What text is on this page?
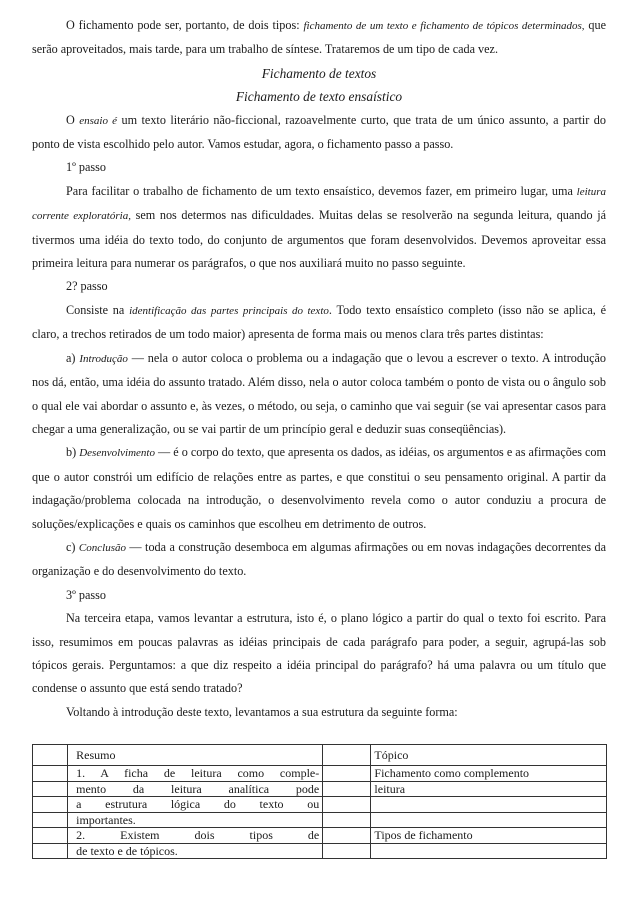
O fichamento pode ser, portanto, de dois tipos: fichamento de um texto e fichamento de tópicos determinados, que serão aproveitados, mais tarde, para um trabalho de síntese. Trataremos de um tipo de cada vez.

Fichamento de textos

Fichamento de texto ensaístico

O ensaio é um texto literário não-ficcional, razoavelmente curto, que trata de um único assunto, a partir do ponto de vista escolhido pelo autor. Vamos estudar, agora, o fichamento passo a passo.

1º passo

Para facilitar o trabalho de fichamento de um texto ensaístico, devemos fazer, em primeiro lugar, uma leitura corrente exploratória, sem nos determos nas dificuldades. Muitas delas se resolverão na segunda leitura, quando já tivermos uma idéia do texto todo, do conjunto de argumentos que foram desenvolvidos. Devemos aproveitar essa primeira leitura para numerar os parágrafos, o que nos auxiliará muito no passo seguinte.

2? passo

Consiste na identificação das partes principais do texto. Todo texto ensaístico completo (isso não se aplica, é claro, a trechos retirados de um todo maior) apresenta de forma mais ou menos clara três partes distintas:

a) Introdução — nela o autor coloca o problema ou a indagação que o levou a escrever o texto. A introdução nos dá, então, uma idéia do assunto tratado. Além disso, nela o autor coloca também o ponto de vista ou o ângulo sob o qual ele vai abordar o assunto e, às vezes, o método, ou seja, o caminho que vai seguir (se vai apresentar casos para chegar a uma generalização, ou se vai partir de um princípio geral e deduzir suas conseqüências).

b) Desenvolvimento — é o corpo do texto, que apresenta os dados, as idéias, os argumentos e as afirmações com que o autor constrói um edifício de relações entre as partes, e que constitui o seu pensamento original. A partir da indagação/problema colocada na introdução, o desenvolvimento revela como o autor conduziu a procura de soluções/explicações e quais os caminhos que escolheu em detrimento de outros.

c) Conclusão — toda a construção desemboca em algumas afirmações ou em novas indagações decorrentes da organização e do desenvolvimento do texto.

3º passo

Na terceira etapa, vamos levantar a estrutura, isto é, o plano lógico a partir do qual o texto foi escrito. Para isso, resumimos em poucas palavras as idéias principais de cada parágrafo para poder, a seguir, agrupá-las sob tópicos gerais. Perguntamos: a que diz respeito a idéia principal do parágrafo? há uma palavra ou um título que condense o assunto que está sendo tratado?

Voltando à introdução deste texto, levantamos a sua estrutura da seguinte forma:

	Resumo		Tópico
	1. A ficha de leitura como comple-		Fichamento como complemento
	mento da leitura analítica pode		leitura
	a estrutura lógica do texto ou		
	importantes.		
	2. Existem dois tipos de		Tipos de fichamento
	de texto e de tópicos.		
